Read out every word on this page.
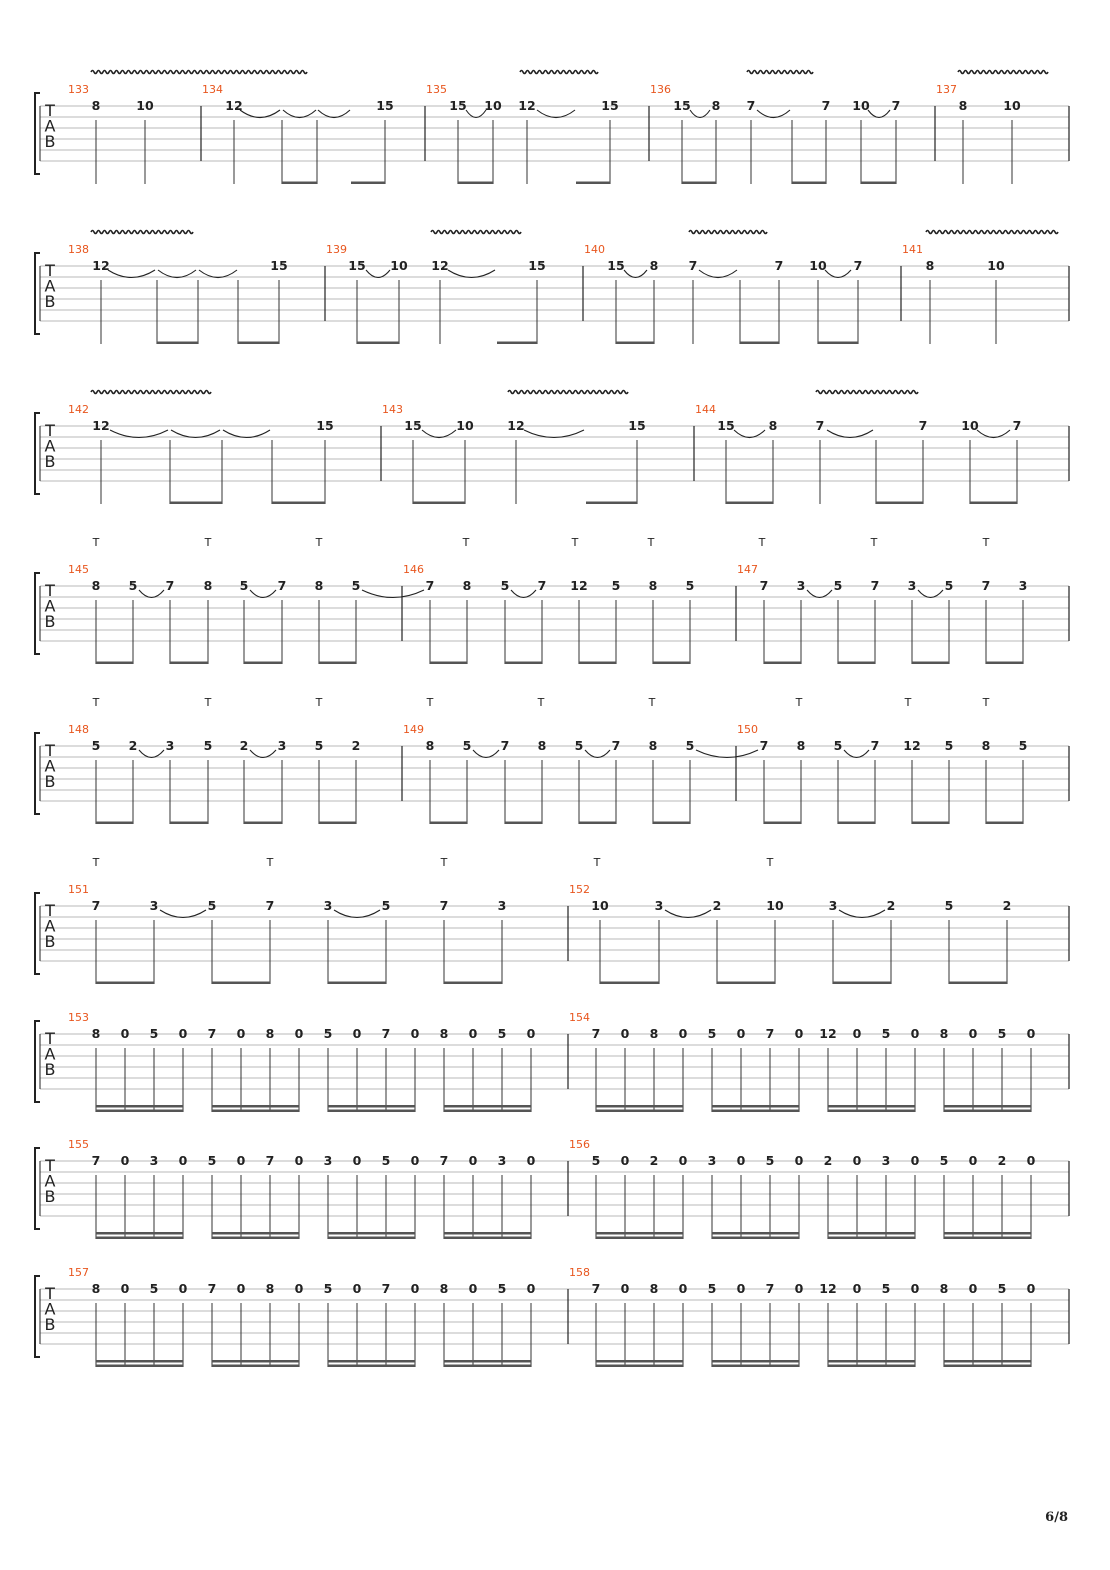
T
A
B
133	134	135	136	137
8	10	12	15	15 10 12	15	15 8 7	7 10 7	8	10
T
A
B
138	139	140	141
12	15	15 10 12	15	15 8 7	7 10 7	8	10
T
A
B
142	143	144
12	15	15	10	12	15	15	8	7	7	10	7
T
A
B
145	146	147
8 5 7 8 5 7 8 5	7 8 5 7 12 5 8 5	7 3 5 7 3 5 7 3
T	T	T	T	T	T	T	T	T
T
A
B
148	149	150
5 2 3 5 2 3 5 2	8 5 7 8 5 7 8 5	7 8 5 7 12 5 8 5
T	T	T	T	T	T	T	T	T
T
A
B
151	152
7	3	5	7	3	5	7	3	10	3	2	10	3	2	5	2
T	T	T	T	T
T
A
B
153	154
8 0 5 0 7 0 8 0 5 0 7 0 8 0 5 0	7 0 8 0 5 0 7 0 12 0 5 0 8 0 5 0
T
A
B
155	156
7 0 3 0 5 0 7 0 3 0 5 0 7 0 3 0	5 0 2 0 3 0 5 0 2 0 3 0 5 0 2 0
T
A
B
157	158
8 0 5 0 7 0 8 0 5 0 7 0 8 0 5 0	7 0 8 0 5 0 7 0 12 0 5 0 8 0 5 0
6/8
